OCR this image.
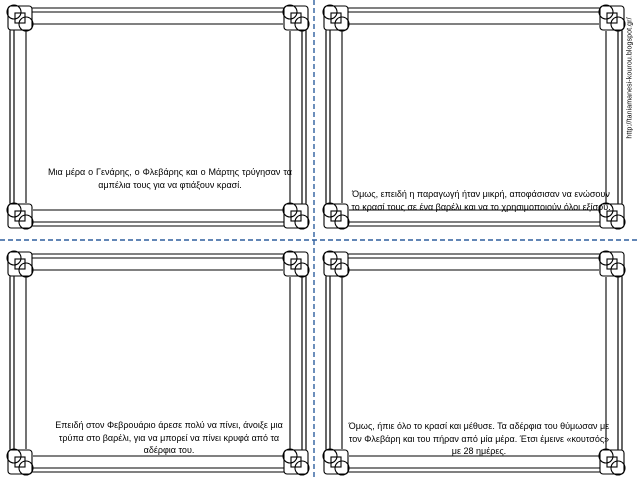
Μια μέρα ο Γενάρης, ο Φλεβάρης και ο Μάρτης τρύγησαν τα αμπέλια τους για να φτιάξουν κρασί.
Όμως, επειδή η παραγωγή ήταν μικρή, αποφάσισαν να ενώσουν το κρασί τους σε ένα βαρέλι και να το χρησιμοποιούν όλοι εξίσου.
Επειδή στον Φεβρουάριο άρεσε πολύ να πίνει, άνοιξε μια τρύπα στο βαρέλι, για να μπορεί να πίνει κρυφά από τα αδέρφια του.
Όμως, ήπιε όλο το κρασί και μέθυσε. Τα αδέρφια του θύμωσαν με τον Φλεβάρη και του πήραν από μία μέρα. Έτσι έμεινε «κουτσός» με 28 ημέρες.
http://taniamanesi-kourou.blogspot.gr/
